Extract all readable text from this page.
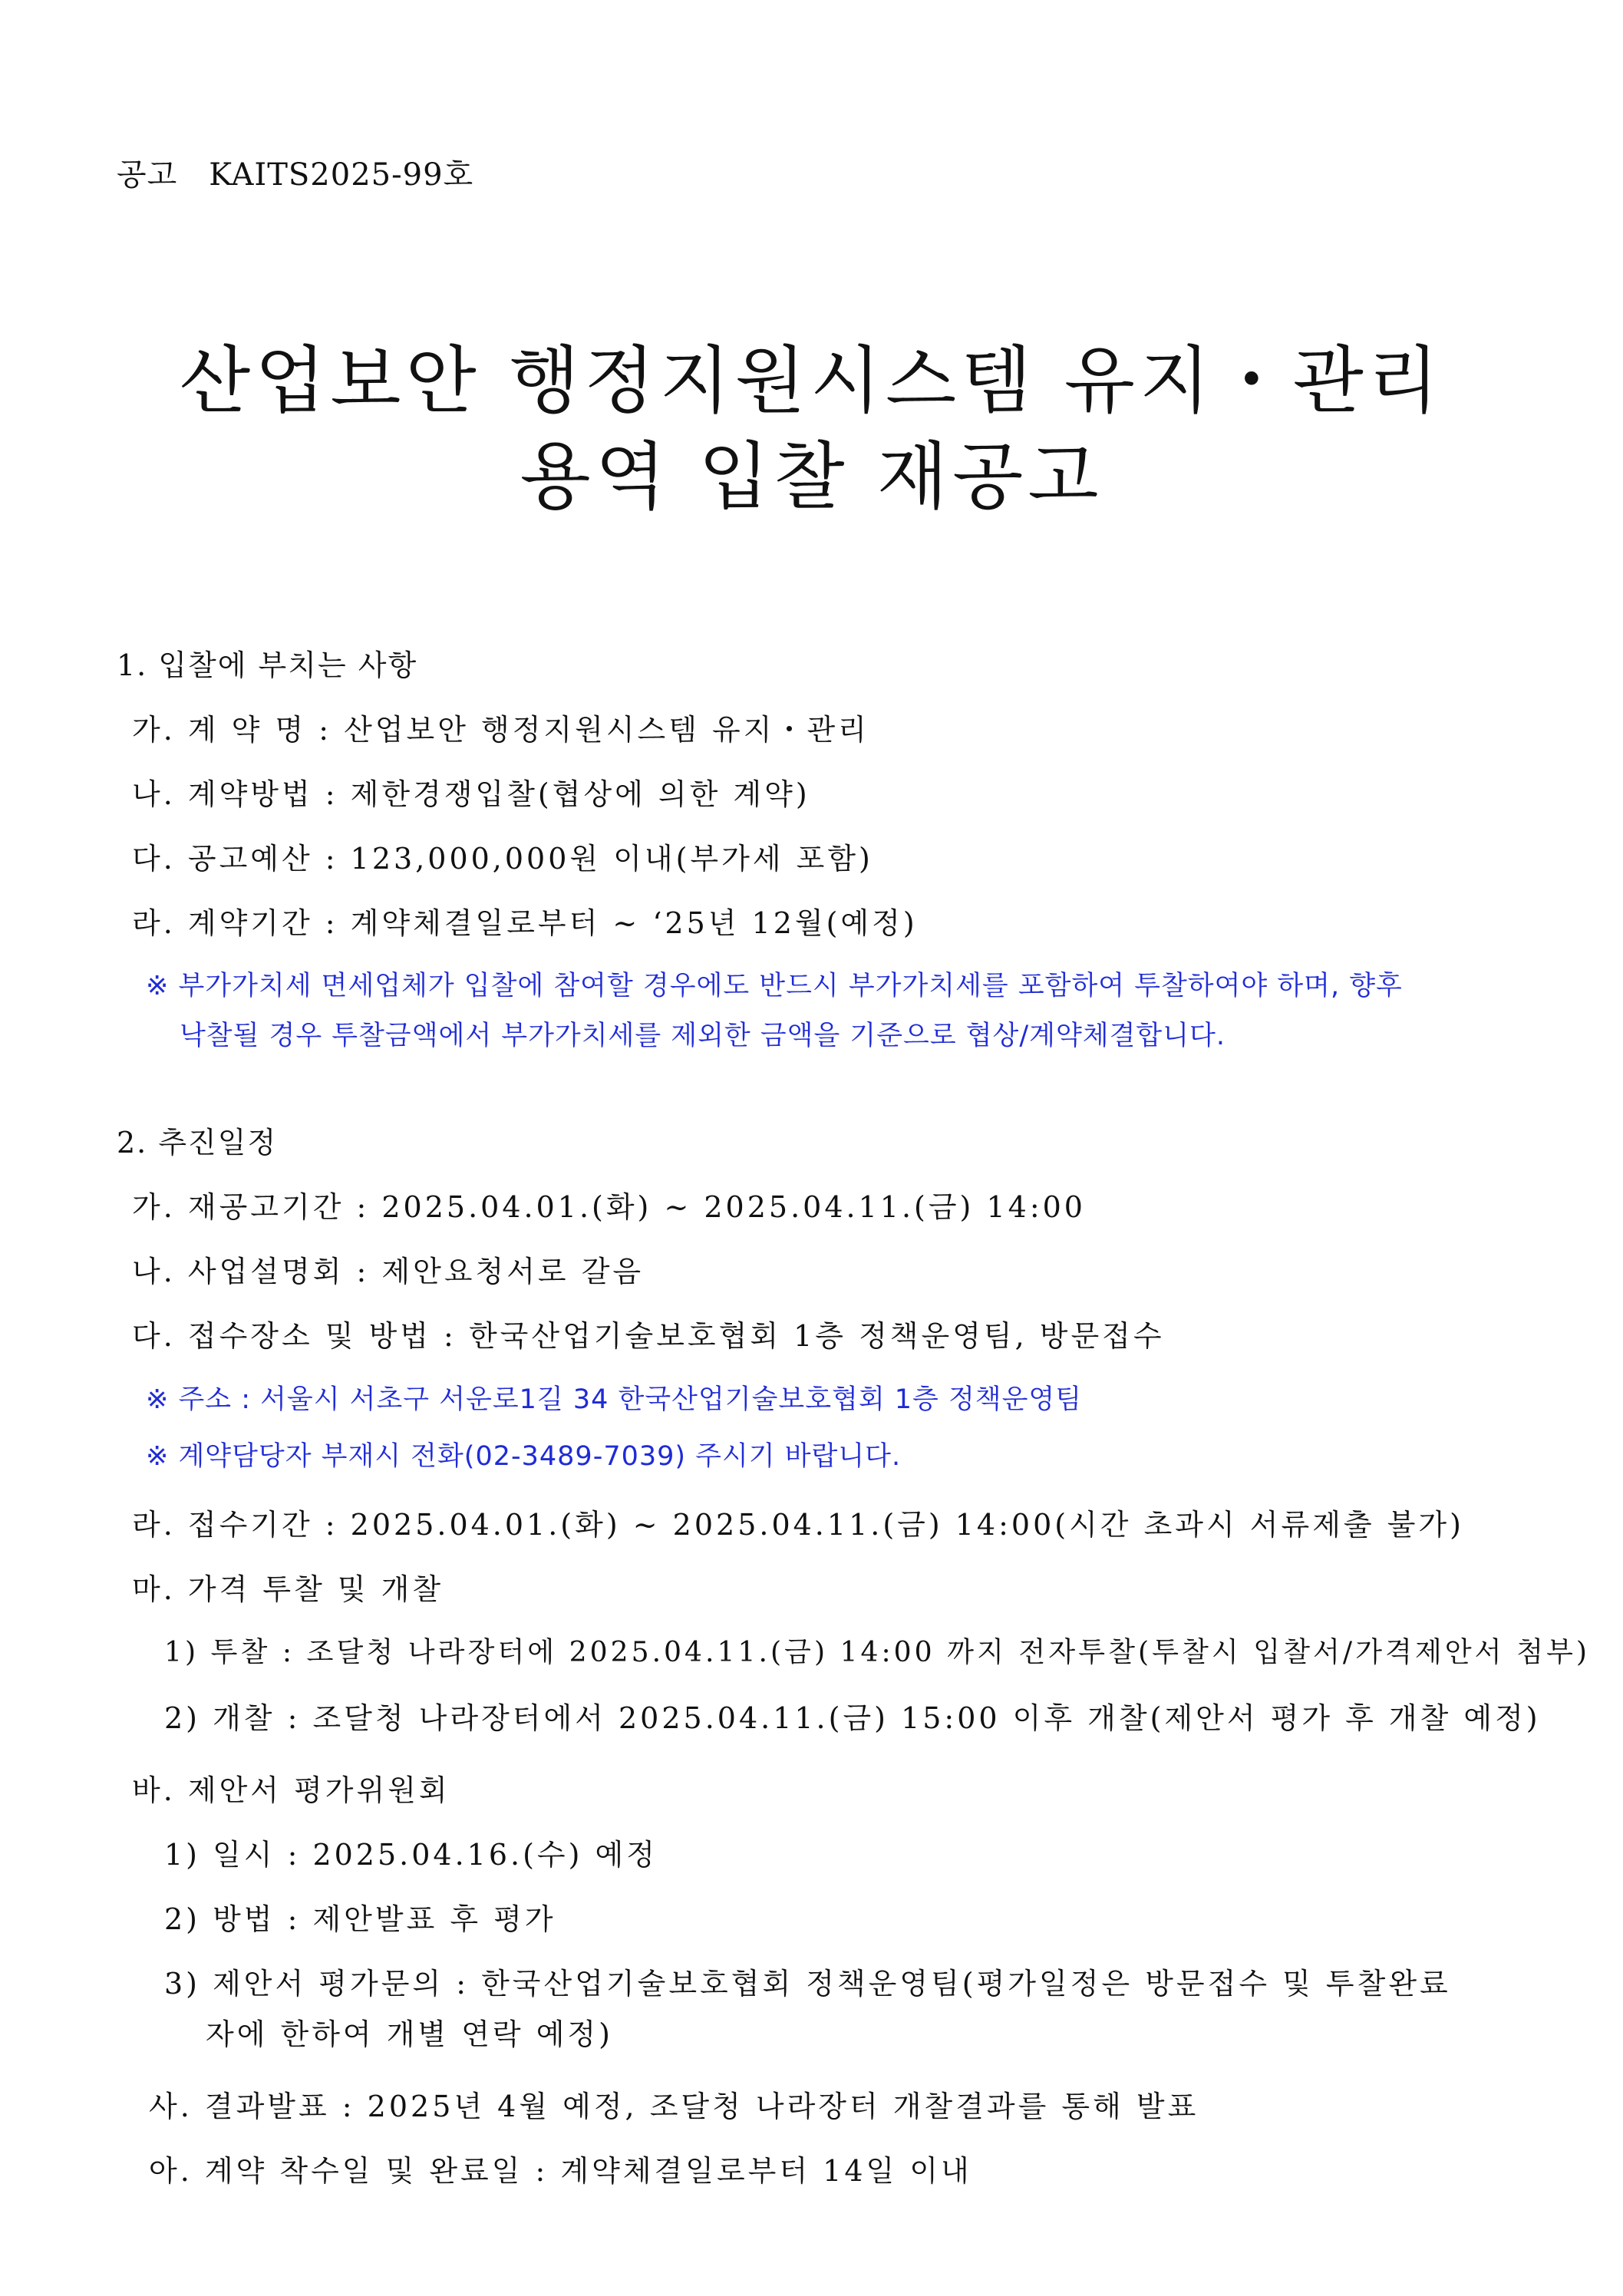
공고　KAITS2025-99호
산업보안 행정지원시스템 유지・관리
용역 입찰 재공고
1. 입찰에 부치는 사항
가. 계 약 명 : 산업보안 행정지원시스템 유지・관리
나. 계약방법 : 제한경쟁입찰(협상에 의한 계약)
다. 공고예산 : 123,000,000원 이내(부가세 포함)
라. 계약기간 : 계약체결일로부터 ~ ‘25년 12월(예정)
※ 부가가치세 면세업체가 입찰에 참여할 경우에도 반드시 부가가치세를 포함하여 투찰하여야 하며, 향후
낙찰될 경우 투찰금액에서 부가가치세를 제외한 금액을 기준으로 협상/계약체결합니다.
2. 추진일정
가. 재공고기간 : 2025.04.01.(화) ~ 2025.04.11.(금) 14:00
나. 사업설명회 : 제안요청서로 갈음
다. 접수장소 및 방법 : 한국산업기술보호협회 1층 정책운영팀, 방문접수
※ 주소 : 서울시 서초구 서운로1길 34 한국산업기술보호협회 1층 정책운영팀
※ 계약담당자 부재시 전화(02-3489-7039) 주시기 바랍니다.
라. 접수기간 : 2025.04.01.(화) ~ 2025.04.11.(금) 14:00(시간 초과시 서류제출 불가)
마. 가격 투찰 및 개찰
1) 투찰 : 조달청 나라장터에 2025.04.11.(금) 14:00 까지 전자투찰(투찰시 입찰서/가격제안서 첨부)
2) 개찰 : 조달청 나라장터에서 2025.04.11.(금) 15:00 이후 개찰(제안서 평가 후 개찰 예정)
바. 제안서 평가위원회
1) 일시 : 2025.04.16.(수) 예정
2) 방법 : 제안발표 후 평가
3) 제안서 평가문의 : 한국산업기술보호협회 정책운영팀(평가일정은 방문접수 및 투찰완료
자에 한하여 개별 연락 예정)
사. 결과발표 : 2025년 4월 예정, 조달청 나라장터 개찰결과를 통해 발표
아. 계약 착수일 및 완료일 : 계약체결일로부터 14일 이내
